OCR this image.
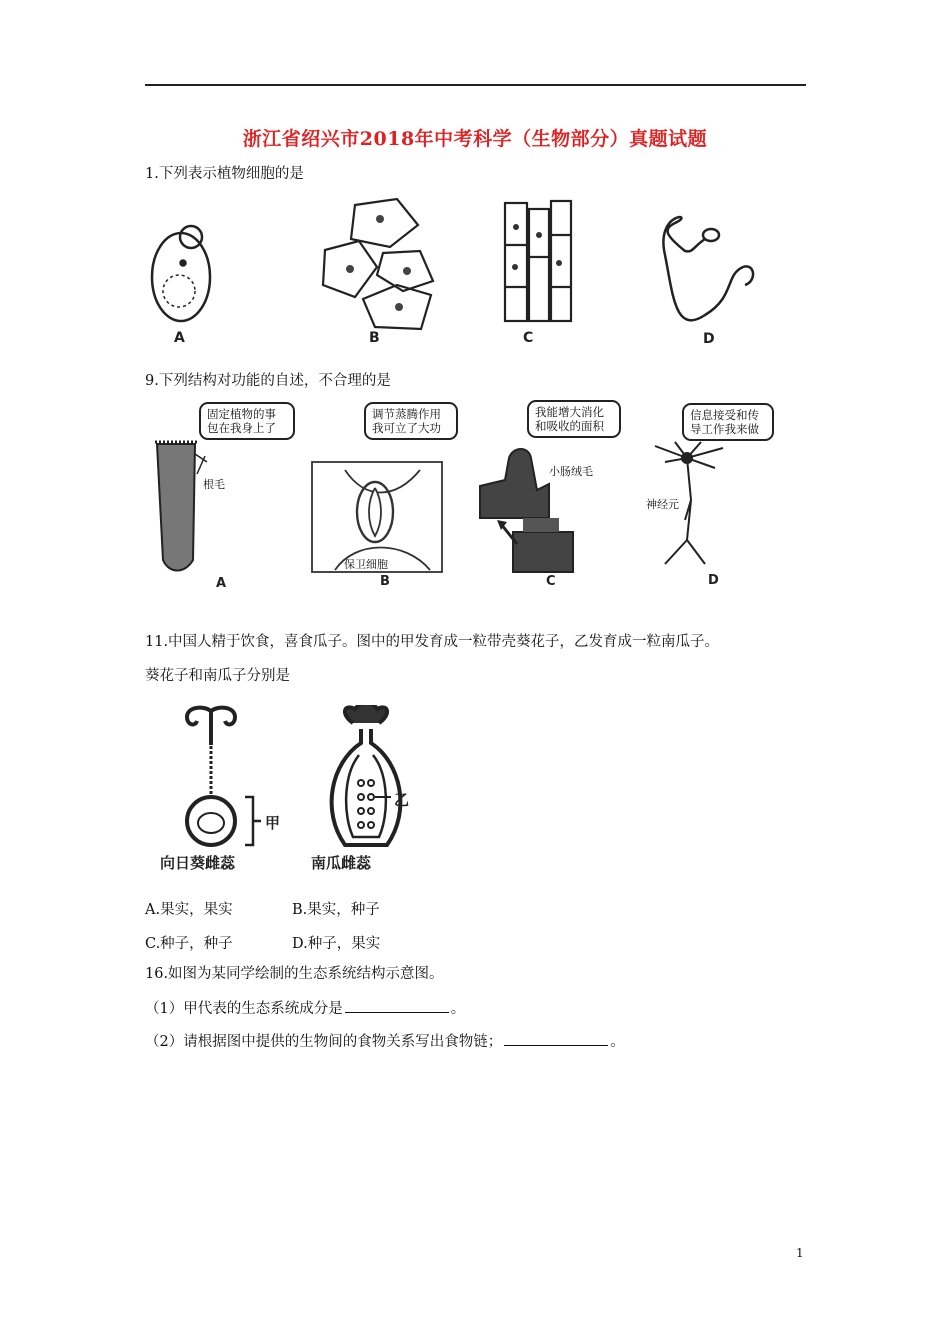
浙江省绍兴市2018年中考科学（生物部分）真题试题
1.下列表示植物细胞的是
A	B	C	D
9.下列结构对功能的自述，不合理的是
固定植物的事包在我身上了
调节蒸腾作用我可立了大功
我能增大消化和吸收的面积
信息接受和传导工作我来做
根毛
保卫细胞
小肠绒毛
神经元
A	B	C	D
11.中国人精于饮食，喜食瓜子。图中的甲发育成一粒带壳葵花子，乙发育成一粒南瓜子。
葵花子和南瓜子分别是
甲
乙
向日葵雌蕊	南瓜雌蕊
A.果实，果实	B.果实，种子
C.种子，种子	D.种子，果实
16.如图为某同学绘制的生态系统结构示意图。
（1）甲代表的生态系统成分是	。
（2）请根据图中提供的生物间的食物关系写出食物链；	。
1
